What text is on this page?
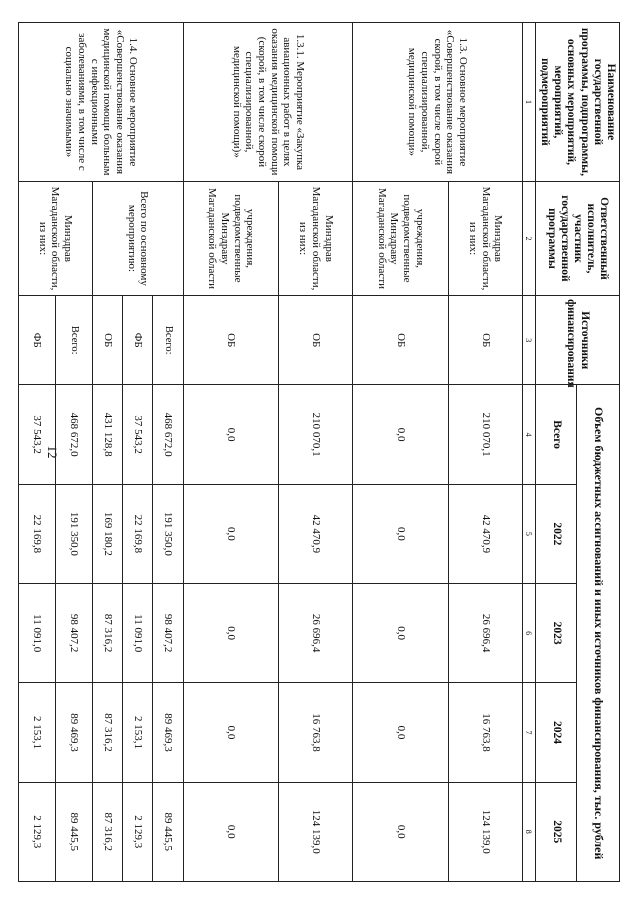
12
Наименование государственной программы, подпрограммы, основных мероприятий, мероприятий, подмероприятий	Ответственный исполнитель, участник государственной программы	Источники финансирования	Объем бюджетных ассигнований и иных источников финансирования, тыс. рублей				
			Всего	2022	2023	2024	2025
1	2	3	4	5	6	7	8
1.3. Основное мероприятие «Совершенствование оказания скорой, в том числе скорой специализированной, медицинской помощи»	Минздрав Магаданской области, из них:	ОБ	210 070,1	42 470,9	26 696,4	16 763,8	124 139,0
	учреждения, подведомственные Минздраву Магаданской области	ОБ	0,0	0,0	0,0	0,0	0,0
1.3.1. Мероприятие «Закупка авиационных работ в целях оказания медицинской помощи (скорой, в том числе скорой специализированной, медицинской помощи)»	Минздрав Магаданской области, из них:	ОБ	210 070,1	42 470,9	26 696,4	16 763,8	124 139,0
	учреждения, подведомственные Минздраву Магаданской области	ОБ	0,0	0,0	0,0	0,0	0,0
1.4. Основное мероприятие «Совершенствование оказания медицинской помощи больным с инфекционными заболеваниями, в том числе с социально значимыми»	Всего по основному мероприятию:	Всего:	468 672,0	191 350,0	98 407,2	89 469,3	89 445,5
		ФБ	37 543,2	22 169,8	11 091,0	2 153,1	2 129,3
		ОБ	431 128,8	169 180,2	87 316,2	87 316,2	87 316,2
	Минздрав Магаданской области, из них:	Всего:	468 672,0	191 350,0	98 407,2	89 469,3	89 445,5
		ФБ	37 543,2	22 169,8	11 091,0	2 153,1	2 129,3
